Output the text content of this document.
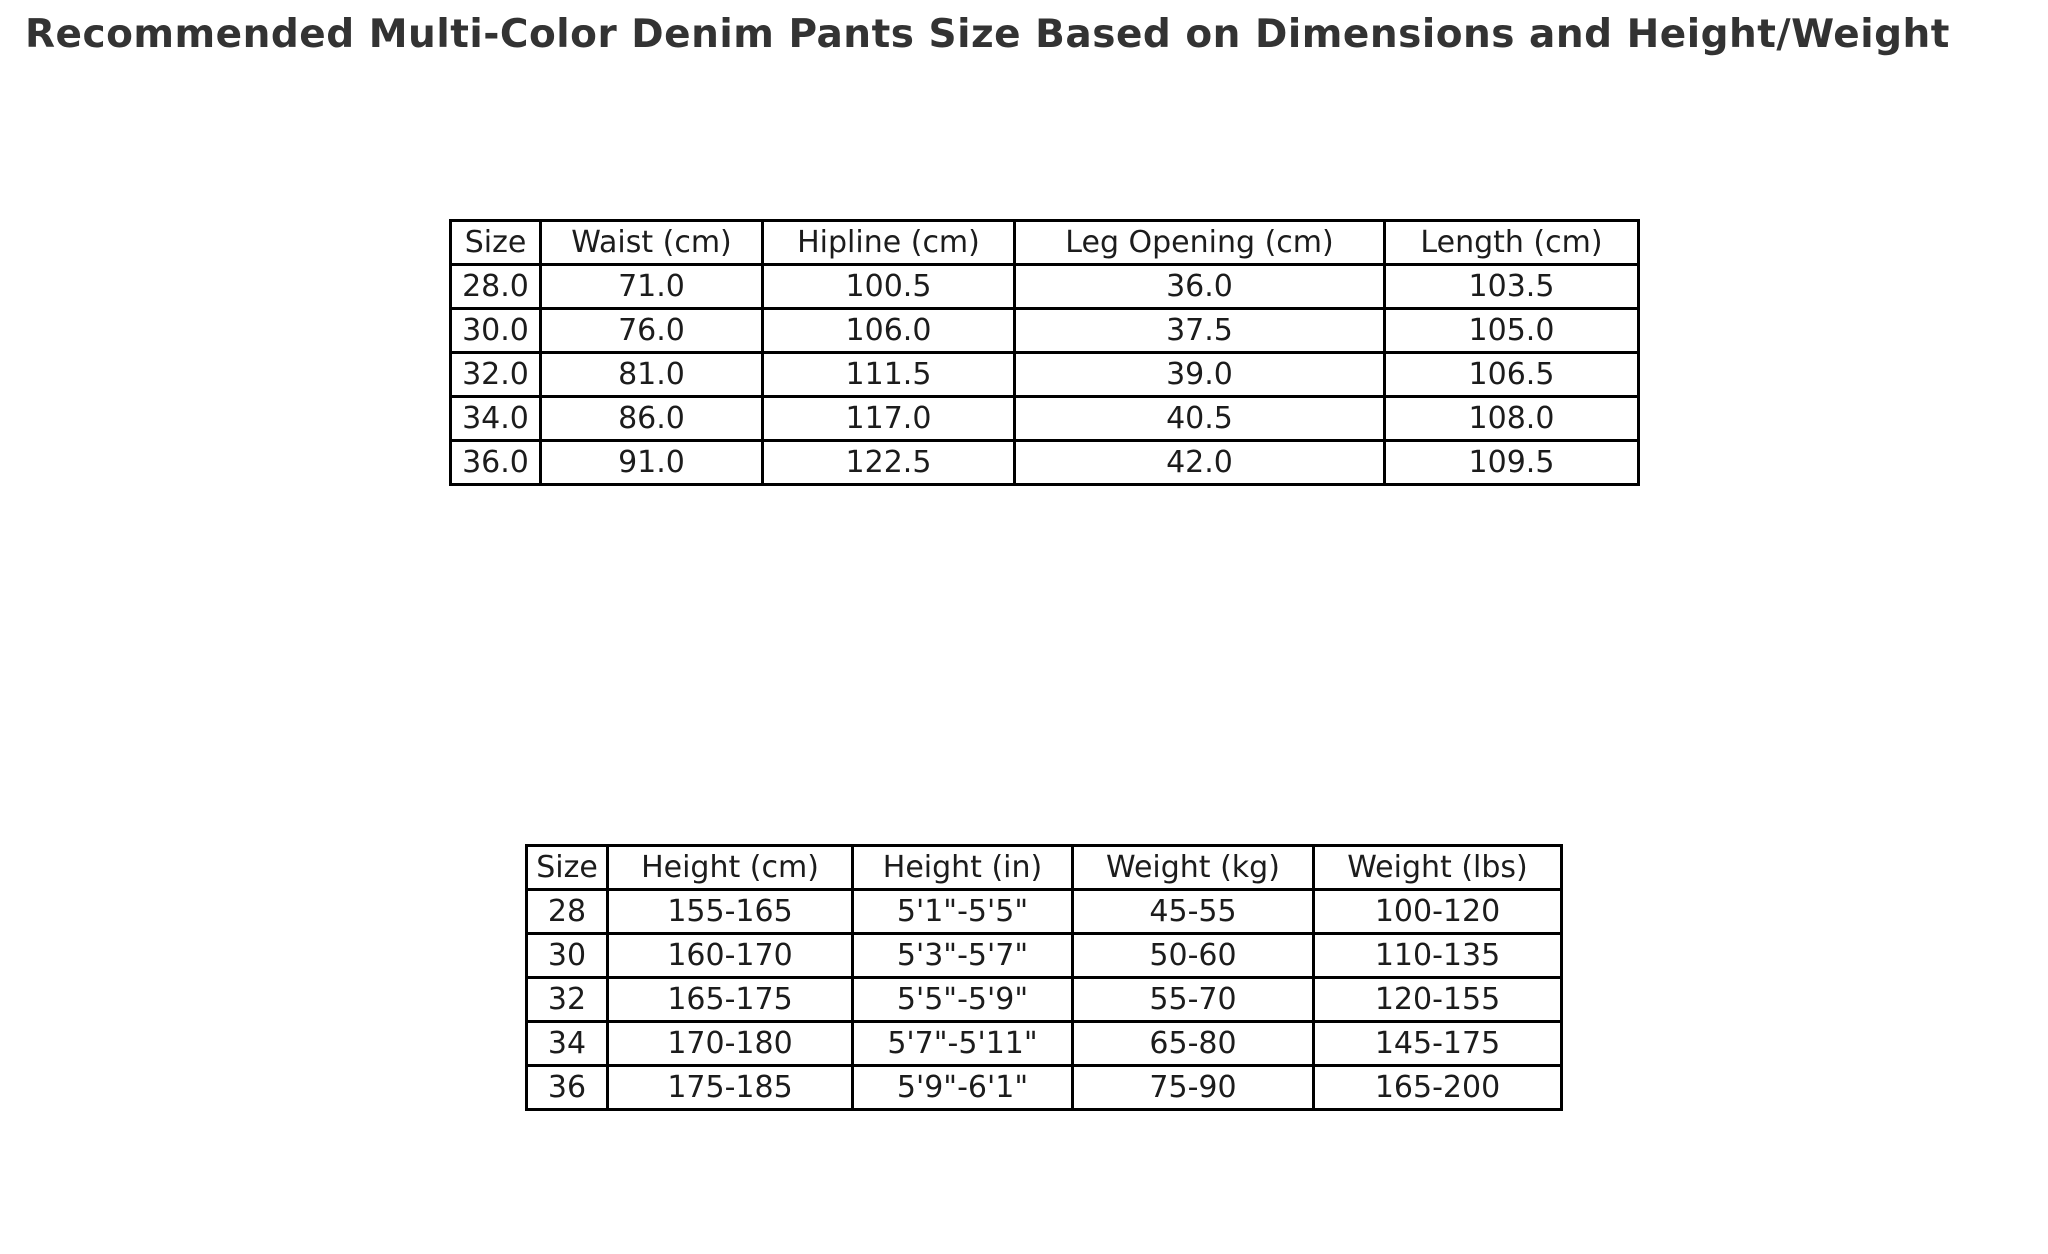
Recommended Multi-Color Denim Pants Size Based on Dimensions and Height/Weight
Size	Waist (cm)	Hipline (cm)	Leg Opening (cm)	Length (cm)
28.0	71.0	100.5	36.0	103.5
30.0	76.0	106.0	37.5	105.0
32.0	81.0	111.5	39.0	106.5
34.0	86.0	117.0	40.5	108.0
36.0	91.0	122.5	42.0	109.5
Size	Height (cm)	Height (in)	Weight (kg)	Weight (lbs)
28	155-165	5'1"-5'5"	45-55	100-120
30	160-170	5'3"-5'7"	50-60	110-135
32	165-175	5'5"-5'9"	55-70	120-155
34	170-180	5'7"-5'11"	65-80	145-175
36	175-185	5'9"-6'1"	75-90	165-200
